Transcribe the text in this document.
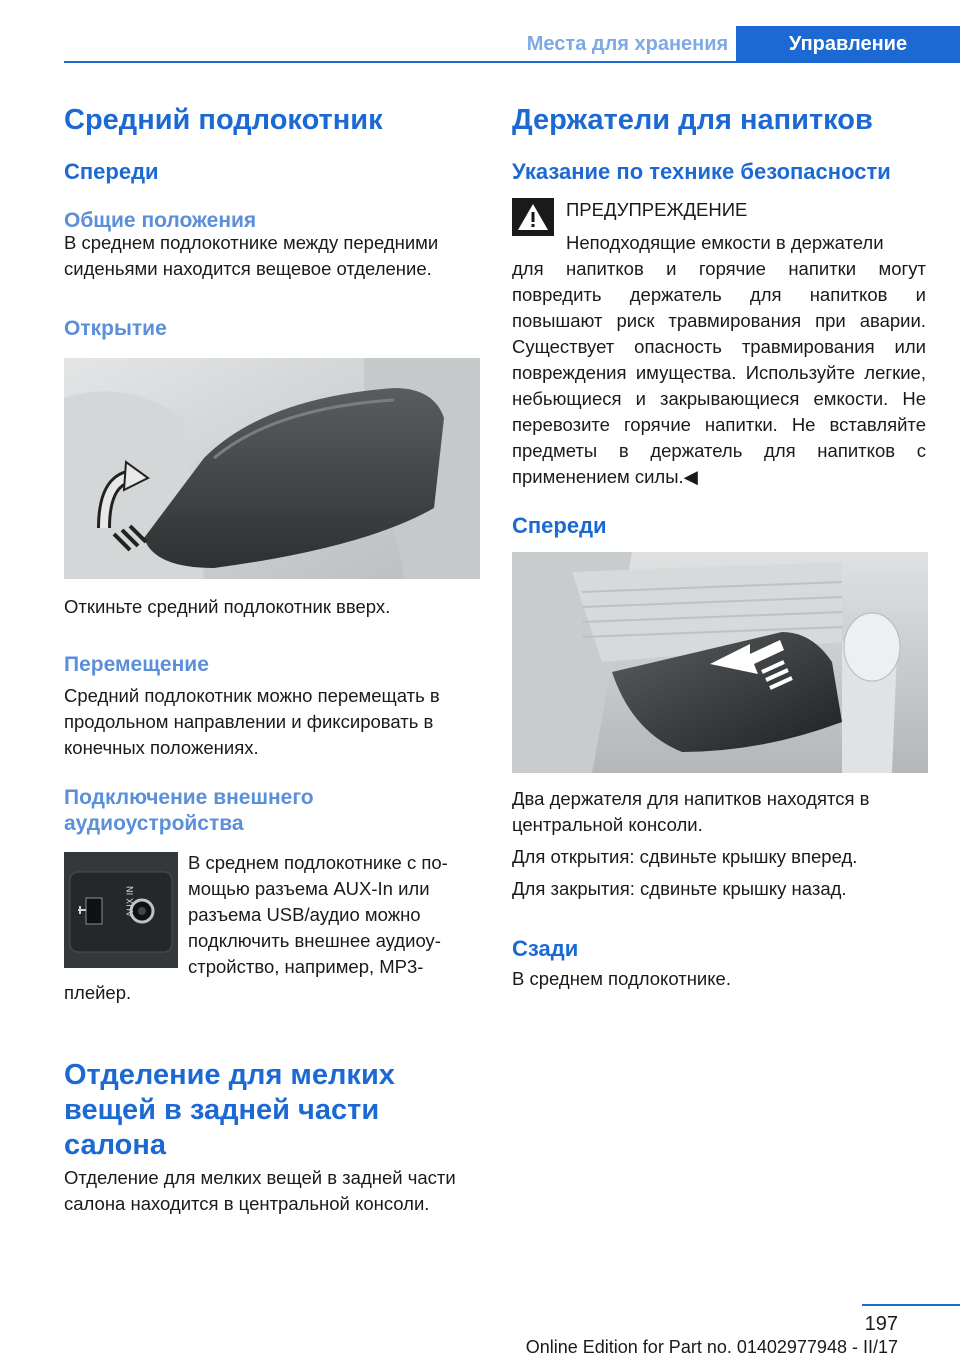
Места для хранения	Управление
Средний подлокотник
Спереди
Общие положения

В среднем подлокотнике между передними сиденьями находится вещевое отделение.

Открытие

Откиньте средний подлокотник вверх.

Перемещение

Средний подлокотник можно перемещать в продольном направлении и фиксировать в конечных положениях.

Подключение внешнего аудиоустройства
AUX IN

В среднем подлокотнике с по-

мощью разъема AUX-In или

разъема USB/аудио можно

подключить внешнее аудиоу-

стройство, например, MP3-

плейер.

Отделение для мелких вещей в задней части салона

Отделение для мелких вещей в задней части салона находится в центральной консоли.

Держатели для напитков
Указание по технике безопасности

ПРЕДУПРЕЖДЕНИЕ

Неподходящие емкости в держатели

для напитков и горячие напитки могут повредить держатель для напитков и повышают риск травмирования при аварии. Существует опасность травмирования или повреждения имущества. Используйте легкие, небьющиеся и закрывающиеся емкости. Не перевозите горячие напитки. Не вставляйте предметы в держатель для напитков с применением силы.◀

Спереди

Два держателя для напитков находятся в центральной консоли.

Для открытия: сдвиньте крышку вперед.

Для закрытия: сдвиньте крышку назад.

Сзади

В среднем подлокотнике.

197
Online Edition for Part no. 01402977948 - II/17
